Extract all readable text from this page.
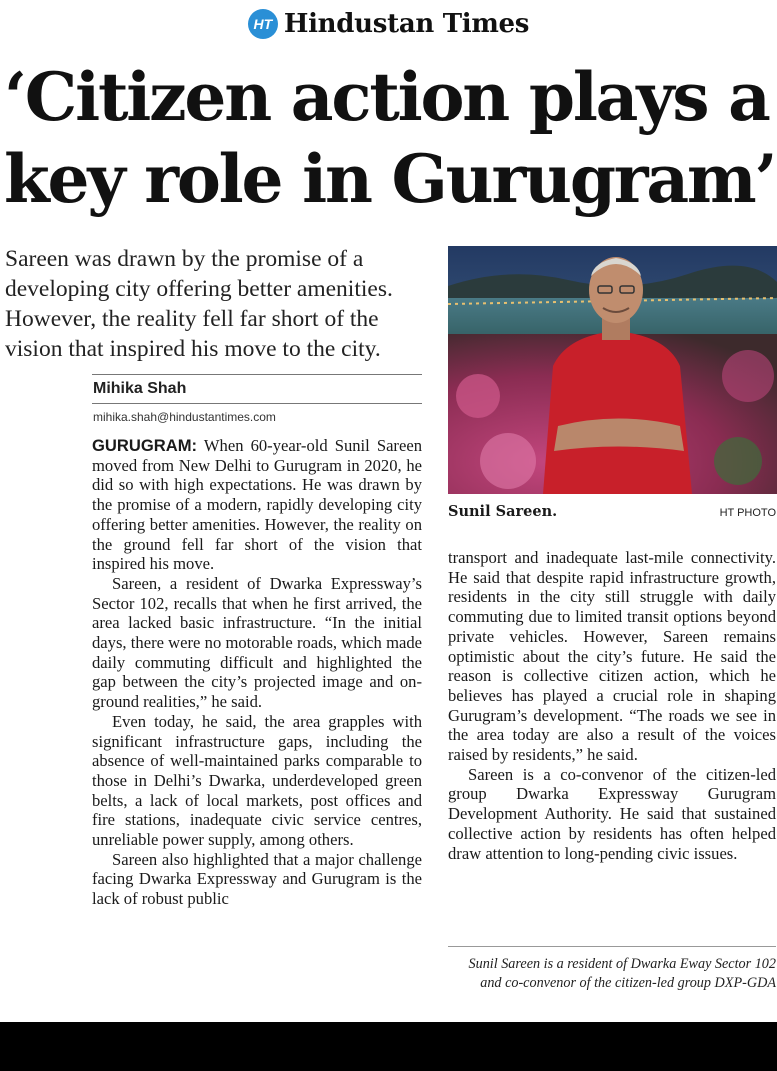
HT Hindustan Times
‘Citizen action plays a key role in Gurugram’

Sareen was drawn by the promise of a developing city offering better amenities. However, the reality fell far short of the vision that inspired his move to the city.

Mihika Shah
mihika.shah@hindustantimes.com

GURUGRAM: When 60-year-old Sunil Sareen moved from New Delhi to Gurugram in 2020, he did so with high expectations. He was drawn by the promise of a modern, rapidly developing city offering better amenities. However, the reality on the ground fell far short of the vision that inspired his move.

Sareen, a resident of Dwarka Expressway’s Sector 102, recalls that when he first arrived, the area lacked basic infrastructure. “In the initial days, there were no motorable roads, which made daily commuting difficult and highlighted the gap between the city’s projected image and on-ground realities,” he said.

Even today, he said, the area grapples with significant infrastructure gaps, including the absence of well-maintained parks comparable to those in Delhi’s Dwarka, underdeveloped green belts, a lack of local markets, post offices and fire stations, inadequate civic service centres, unreliable power supply, among others.

Sareen also highlighted that a major challenge facing Dwarka Expressway and Gurugram is the lack of robust public

Sunil Sareen.	HT PHOTO

transport and inadequate last-mile connectivity. He said that despite rapid infrastructure growth, residents in the city still struggle with daily commuting due to limited transit options beyond private vehicles. However, Sareen remains optimistic about the city’s future. He said the reason is collective citizen action, which he believes has played a crucial role in shaping Gurugram’s development. “The roads we see in the area today are also a result of the voices raised by residents,” he said.

Sareen is a co-convenor of the citizen-led group Dwarka Expressway Gurugram Development Authority. He said that sustained collective action by residents has often helped draw attention to long-pending civic issues.

Sunil Sareen is a resident of Dwarka Eway Sector 102 and co-convenor of the citizen-led group DXP-GDA
